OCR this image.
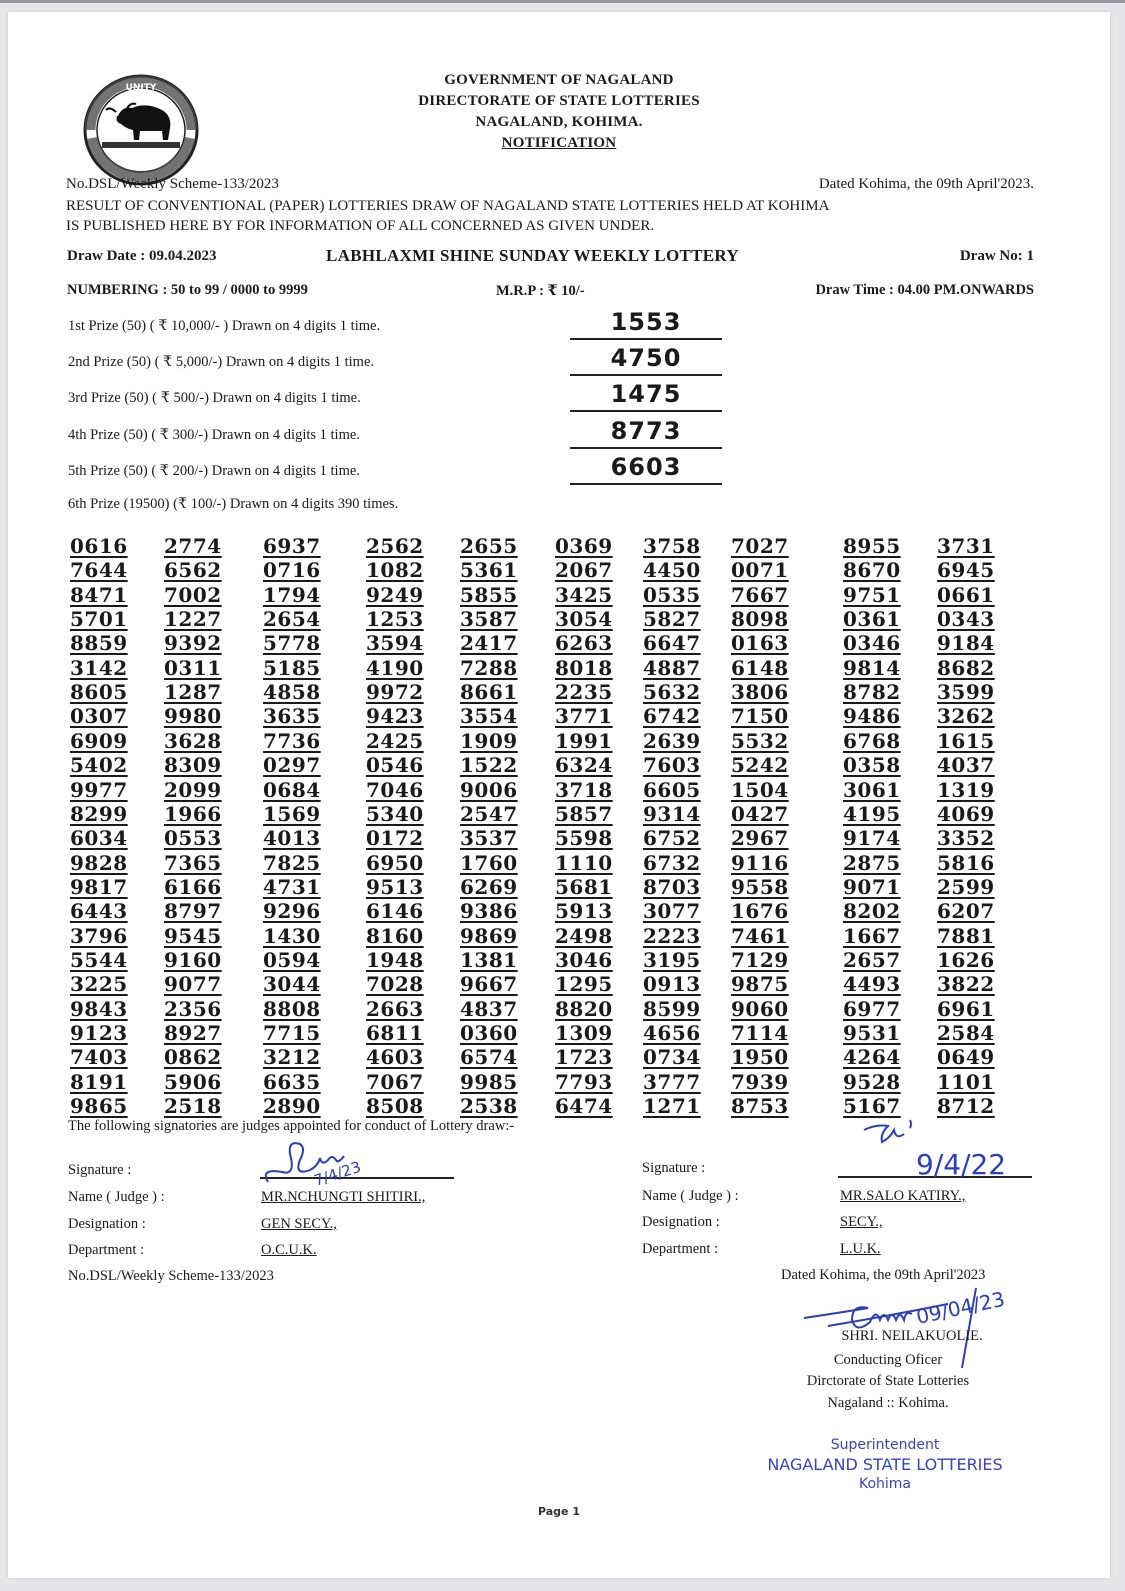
UNITY	GOVERNMENT OF NAGALAND
DIRECTORATE OF STATE LOTTERIES
NAGALAND, KOHIMA.
NOTIFICATION
No.DSL/Weekly Scheme-133/2023	Dated Kohima, the 09th April'2023.
RESULT OF CONVENTIONAL (PAPER) LOTTERIES DRAW OF NAGALAND STATE LOTTERIES HELD AT KOHIMA
IS PUBLISHED HERE BY FOR INFORMATION OF ALL CONCERNED AS GIVEN UNDER.
Draw Date : 09.04.2023	LABHLAXMI SHINE SUNDAY WEEKLY LOTTERY	Draw No: 1
NUMBERING : 50 to 99 / 0000 to 9999	M.R.P : ₹ 10/-	Draw Time : 04.00 PM.ONWARDS
1st Prize (50) ( ₹ 10,000/- ) Drawn on 4 digits 1 time.	1553
2nd Prize (50) ( ₹ 5,000/-) Drawn on 4 digits 1 time.	4750
3rd Prize (50) ( ₹ 500/-) Drawn on 4 digits 1 time.	1475
4th Prize (50) ( ₹ 300/-) Drawn on 4 digits 1 time.	8773
5th Prize (50) ( ₹ 200/-) Drawn on 4 digits 1 time.	6603
6th Prize (19500) (₹ 100/-) Drawn on 4 digits 390 times.
0616 2774 6937 2562 2655 0369 3758 7027	8955 3731
7644 6562 0716 1082 5361 2067 4450 0071	8670 6945
8471 7002 1794 9249 5855 3425 0535 7667	9751 0661
5701 1227 2654 1253 3587 3054 5827 8098	0361 0343
8859 9392 5778 3594 2417 6263 6647 0163	0346 9184
3142 0311 5185 4190 7288 8018 4887 6148	9814 8682
8605 1287 4858 9972 8661 2235 5632 3806	8782 3599
0307 9980 3635 9423 3554 3771 6742 7150	9486 3262
6909 3628 7736 2425 1909 1991 2639 5532	6768 1615
5402 8309 0297 0546 1522 6324 7603 5242	0358 4037
9977 2099 0684 7046 9006 3718 6605 1504	3061 1319
8299 1966 1569 5340 2547 5857 9314 0427	4195 4069
6034 0553 4013 0172 3537 5598 6752 2967	9174 3352
9828 7365 7825 6950 1760 1110 6732 9116	2875 5816
9817 6166 4731 9513 6269 5681 8703 9558	9071 2599
6443 8797 9296 6146 9386 5913 3077 1676	8202 6207
3796 9545 1430 8160 9869 2498 2223 7461	1667 7881
5544 9160 0594 1948 1381 3046 3195 7129	2657 1626
3225 9077 3044 7028 9667 1295 0913 9875	4493 3822
9843 2356 8808 2663 4837 8820 8599 9060	6977 6961
9123 8927 7715 6811 0360 1309 4656 7114	9531 2584
7403 0862 3212 4603 6574 1723 0734 1950	4264 0649
8191 5906 6635 7067 9985 7793 3777 7939	9528 1101
9865 2518 2890 8508 2538 6474 1271 8753	5167 8712
The following signatories are judges appointed for conduct of Lottery draw:-
Signature :	7/4/23
Name ( Judge ) :	MR.NCHUNGTI SHITIRI.,
Designation :	GEN SECY.,
Department :	O.C.U.K.
Signature :	9/4/22
Name ( Judge ) :	MR.SALO KATIRY.,
Designation :	SECY.,
Department :	L.U.K.
No.DSL/Weekly Scheme-133/2023	Dated Kohima, the 09th April'2023
09/04/23
SHRI. NEILAKUOLIE.
Conducting Oficer
Dirctorate of State Lotteries
Nagaland :: Kohima.
Superintendent
NAGALAND STATE LOTTERIES
Kohima
Page 1
